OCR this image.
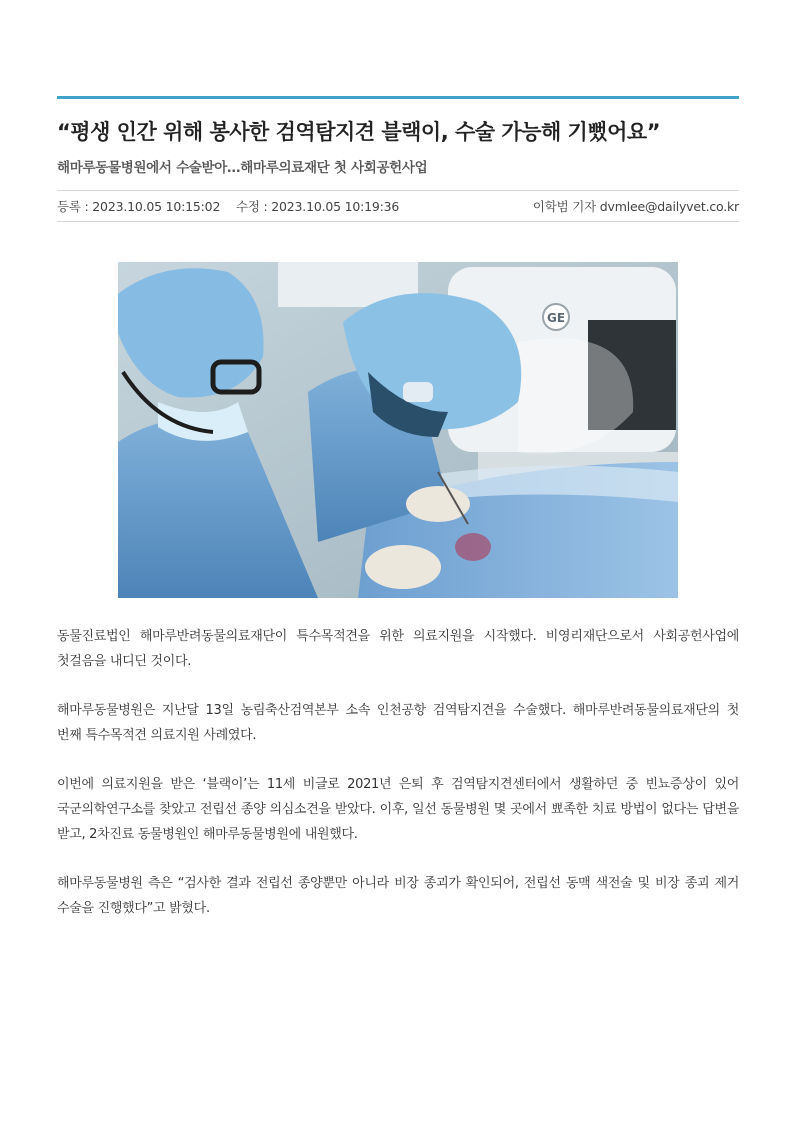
“평생 인간 위해 봉사한 검역탐지견 블랙이, 수술 가능해 기뻤어요”
해마루동물병원에서 수술받아…해마루의료재단 첫 사회공헌사업
등록 : 2023.10.05 10:15:02 수정 : 2023.10.05 10:19:36	이학범 기자 dvmlee@dailyvet.co.kr
GE

동물진료법인 해마루반려동물의료재단이 특수목적견을 위한 의료지원을 시작했다. 비영리재단으로서 사회공헌사업에 첫걸음을 내디딘 것이다.

해마루동물병원은 지난달 13일 농림축산검역본부 소속 인천공항 검역탐지견을 수술했다. 해마루반려동물의료재단의 첫 번째 특수목적견 의료지원 사례였다.

이번에 의료지원을 받은 ‘블랙이’는 11세 비글로 2021년 은퇴 후 검역탐지견센터에서 생활하던 중 빈뇨증상이 있어 국군의학연구소를 찾았고 전립선 종양 의심소견을 받았다. 이후, 일선 동물병원 몇 곳에서 뾰족한 치료 방법이 없다는 답변을 받고, 2차진료 동물병원인 해마루동물병원에 내원했다.

해마루동물병원 측은 “검사한 결과 전립선 종양뿐만 아니라 비장 종괴가 확인되어, 전립선 동맥 색전술 및 비장 종괴 제거 수술을 진행했다”고 밝혔다.
